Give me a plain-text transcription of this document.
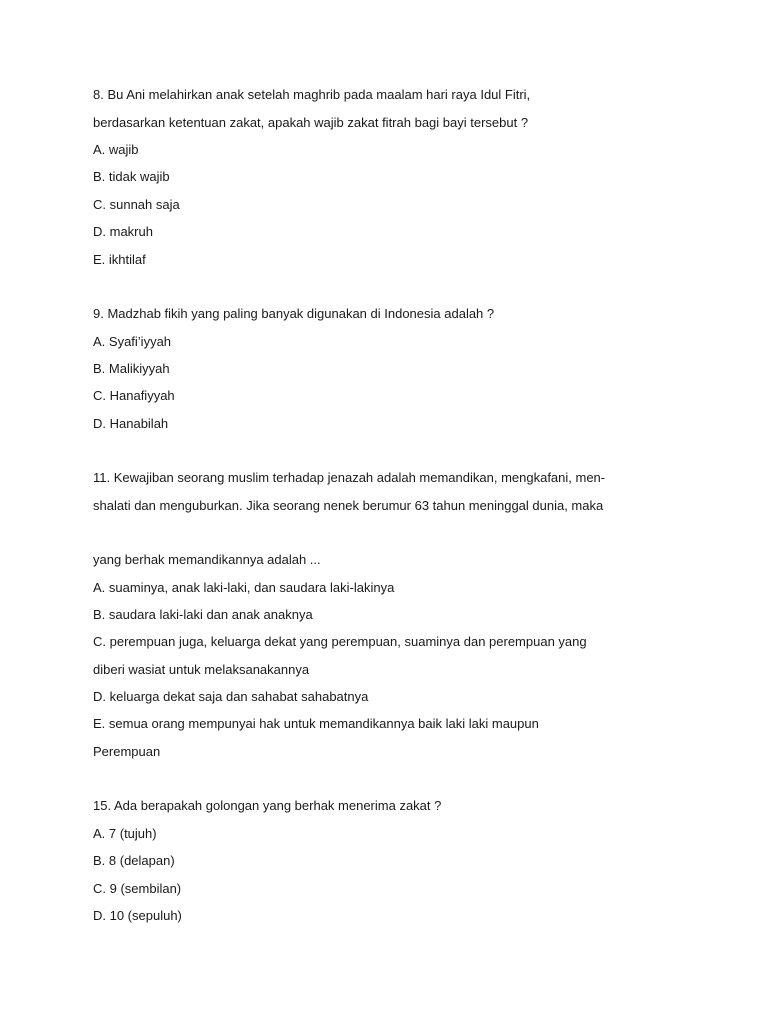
8. Bu Ani melahirkan anak setelah maghrib pada maalam hari raya Idul Fitri,
berdasarkan ketentuan zakat, apakah wajib zakat fitrah bagi bayi tersebut ?
A. wajib
B. tidak wajib
C. sunnah saja
D. makruh
E. ikhtilaf
9. Madzhab fikih yang paling banyak digunakan di Indonesia adalah ?
A. Syafi’iyyah
B. Malikiyyah
C. Hanafiyyah
D. Hanabilah
11. Kewajiban seorang muslim terhadap jenazah adalah memandikan, mengkafani, men-
shalati dan menguburkan. Jika seorang nenek berumur 63 tahun meninggal dunia, maka
yang berhak memandikannya adalah ...
A. suaminya, anak laki-laki, dan saudara laki-lakinya
B. saudara laki-laki dan anak anaknya
C. perempuan juga, keluarga dekat yang perempuan, suaminya dan perempuan yang
diberi wasiat untuk melaksanakannya
D. keluarga dekat saja dan sahabat sahabatnya
E. semua orang mempunyai hak untuk memandikannya baik laki laki maupun
Perempuan
15. Ada berapakah golongan yang berhak menerima zakat ?
A. 7 (tujuh)
B. 8 (delapan)
C. 9 (sembilan)
D. 10 (sepuluh)
